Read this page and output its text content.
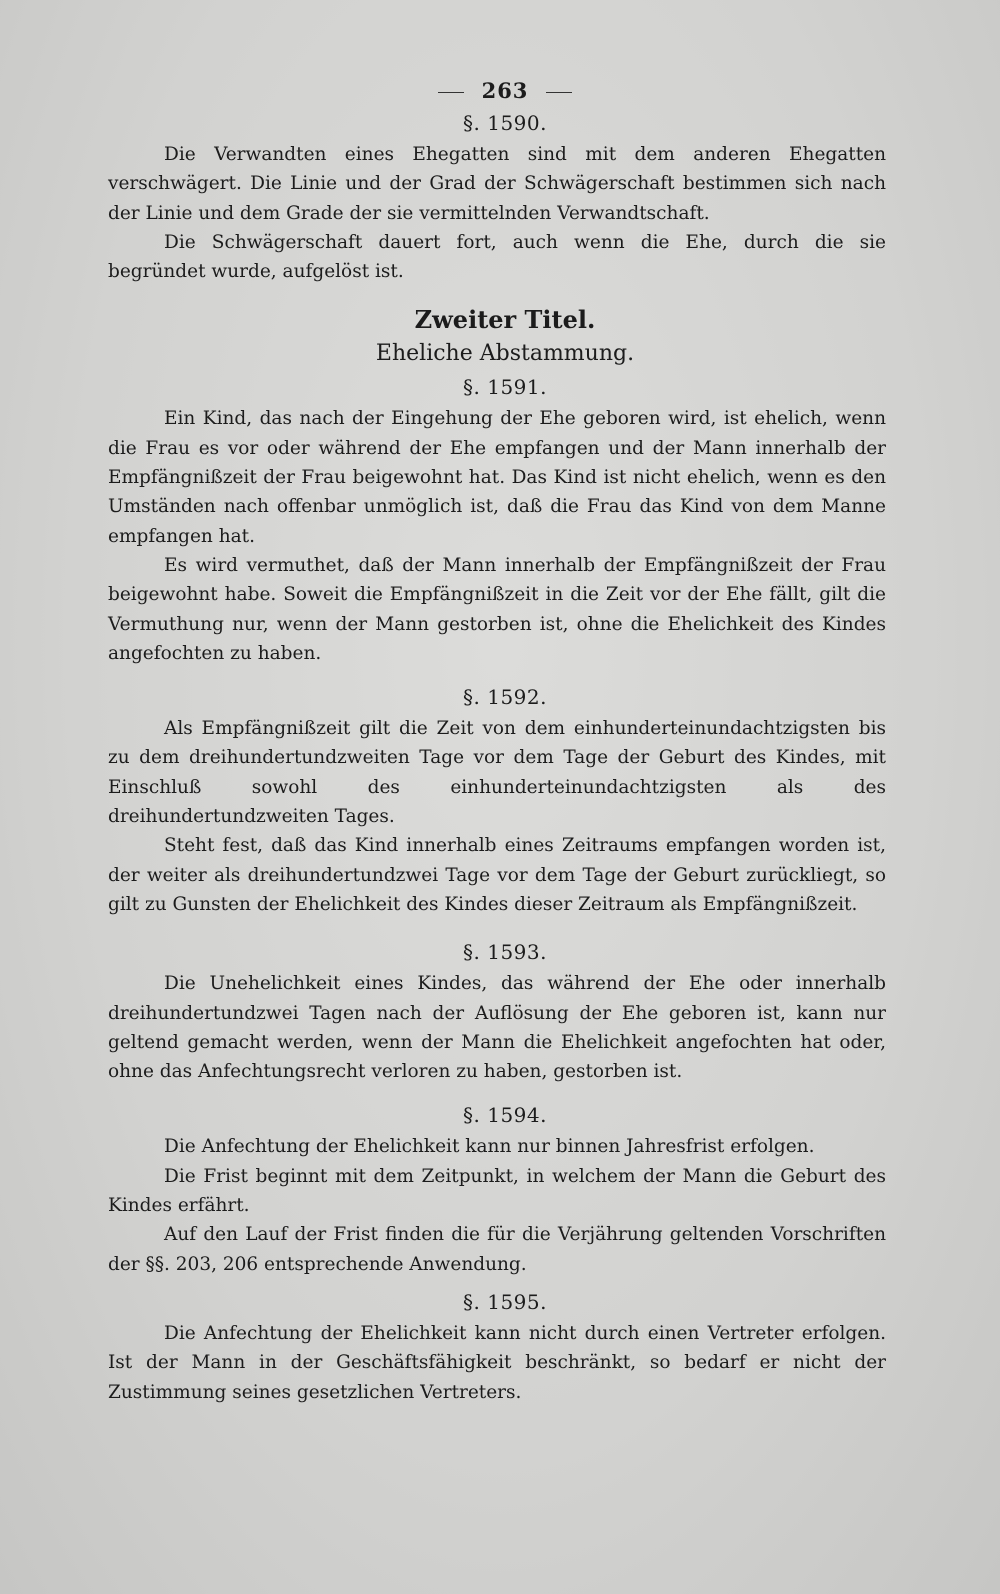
263
§. 1590.

Die Verwandten eines Ehegatten sind mit dem anderen Ehegatten verschwägert. Die Linie und der Grad der Schwägerschaft bestimmen sich nach der Linie und dem Grade der sie vermittelnden Verwandtschaft.

Die Schwägerschaft dauert fort, auch wenn die Ehe, durch die sie begründet wurde, aufgelöst ist.

Zweiter Titel.
Eheliche Abstammung.
§. 1591.

Ein Kind, das nach der Eingehung der Ehe geboren wird, ist ehelich, wenn die Frau es vor oder während der Ehe empfangen und der Mann innerhalb der Empfängnißzeit der Frau beigewohnt hat. Das Kind ist nicht ehelich, wenn es den Umständen nach offenbar unmöglich ist, daß die Frau das Kind von dem Manne empfangen hat.

Es wird vermuthet, daß der Mann innerhalb der Empfängnißzeit der Frau beigewohnt habe. Soweit die Empfängnißzeit in die Zeit vor der Ehe fällt, gilt die Vermuthung nur, wenn der Mann gestorben ist, ohne die Ehelichkeit des Kindes angefochten zu haben.

§. 1592.

Als Empfängnißzeit gilt die Zeit von dem einhunderteinundachtzigsten bis zu dem dreihundertundzweiten Tage vor dem Tage der Geburt des Kindes, mit Einschluß sowohl des einhunderteinundachtzigsten als des dreihundertundzweiten Tages.

Steht fest, daß das Kind innerhalb eines Zeitraums empfangen worden ist, der weiter als dreihundertundzwei Tage vor dem Tage der Geburt zurückliegt, so gilt zu Gunsten der Ehelichkeit des Kindes dieser Zeitraum als Empfängnißzeit.

§. 1593.

Die Unehelichkeit eines Kindes, das während der Ehe oder innerhalb dreihundertundzwei Tagen nach der Auflösung der Ehe geboren ist, kann nur geltend gemacht werden, wenn der Mann die Ehelichkeit angefochten hat oder, ohne das Anfechtungsrecht verloren zu haben, gestorben ist.

§. 1594.

Die Anfechtung der Ehelichkeit kann nur binnen Jahresfrist erfolgen.

Die Frist beginnt mit dem Zeitpunkt, in welchem der Mann die Geburt des Kindes erfährt.

Auf den Lauf der Frist finden die für die Verjährung geltenden Vorschriften der §§. 203, 206 entsprechende Anwendung.

§. 1595.

Die Anfechtung der Ehelichkeit kann nicht durch einen Vertreter erfolgen. Ist der Mann in der Geschäftsfähigkeit beschränkt, so bedarf er nicht der Zustimmung seines gesetzlichen Vertreters.
